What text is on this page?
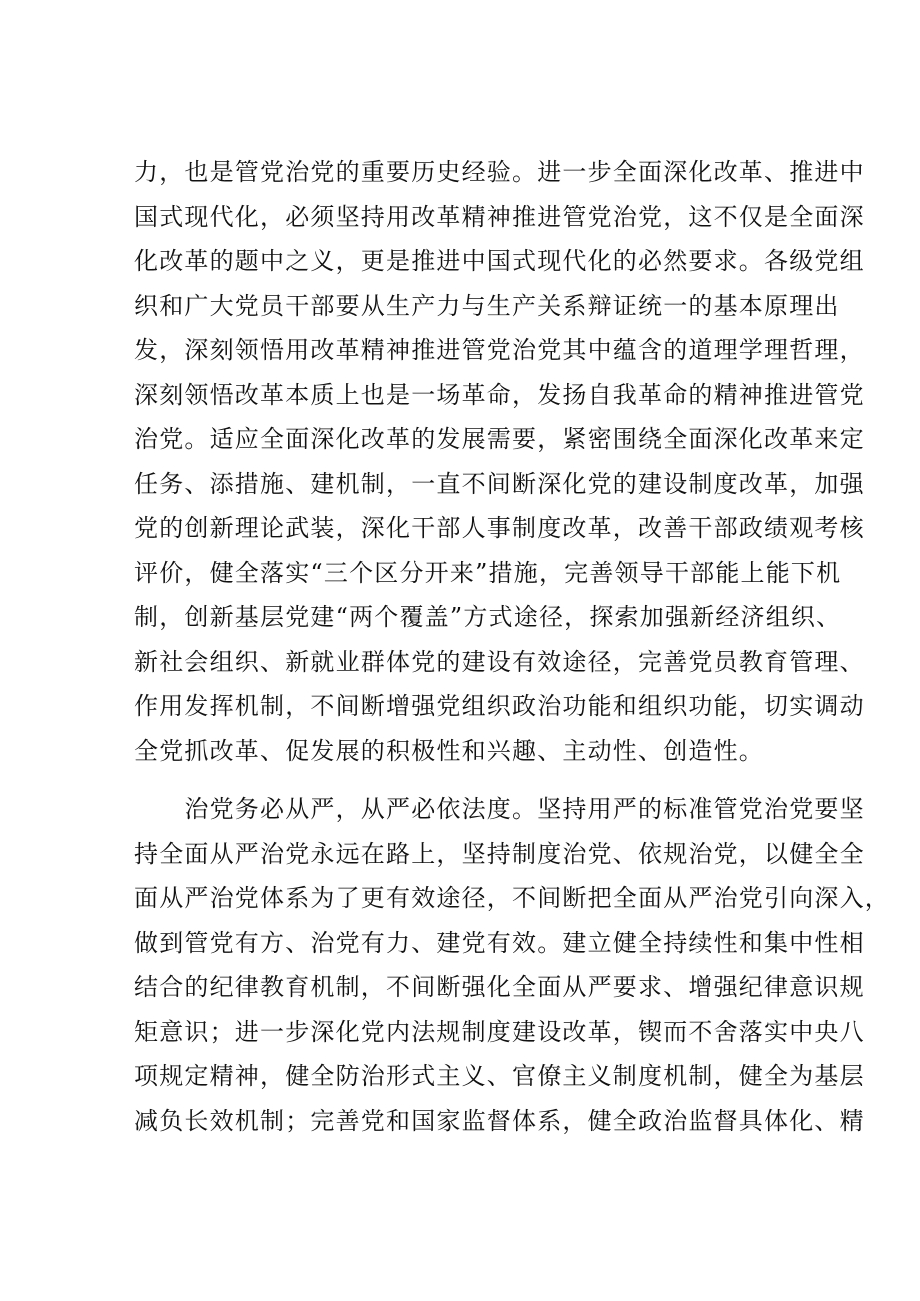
力，也是管党治党的重要历史经验。进一步全面深化改革、推进中
国式现代化，必须坚持用改革精神推进管党治党，这不仅是全面深
化改革的题中之义，更是推进中国式现代化的必然要求。各级党组
织和广大党员干部要从生产力与生产关系辩证统一的基本原理出
发，深刻领悟用改革精神推进管党治党其中蕴含的道理学理哲理，
深刻领悟改革本质上也是一场革命，发扬自我革命的精神推进管党
治党。适应全面深化改革的发展需要，紧密围绕全面深化改革来定
任务、添措施、建机制，一直不间断深化党的建设制度改革，加强
党的创新理论武装，深化干部人事制度改革，改善干部政绩观考核
评价，健全落实“三个区分开来”措施，完善领导干部能上能下机
制，创新基层党建“两个覆盖”方式途径，探索加强新经济组织、
新社会组织、新就业群体党的建设有效途径，完善党员教育管理、
作用发挥机制，不间断增强党组织政治功能和组织功能，切实调动
全党抓改革、促发展的积极性和兴趣、主动性、创造性。
　　治党务必从严，从严必依法度。坚持用严的标准管党治党要坚
持全面从严治党永远在路上，坚持制度治党、依规治党，以健全全
面从严治党体系为了更有效途径，不间断把全面从严治党引向深入，
做到管党有方、治党有力、建党有效。建立健全持续性和集中性相
结合的纪律教育机制，不间断强化全面从严要求、增强纪律意识规
矩意识；进一步深化党内法规制度建设改革，锲而不舍落实中央八
项规定精神，健全防治形式主义、官僚主义制度机制，健全为基层
减负长效机制；完善党和国家监督体系，健全政治监督具体化、精
